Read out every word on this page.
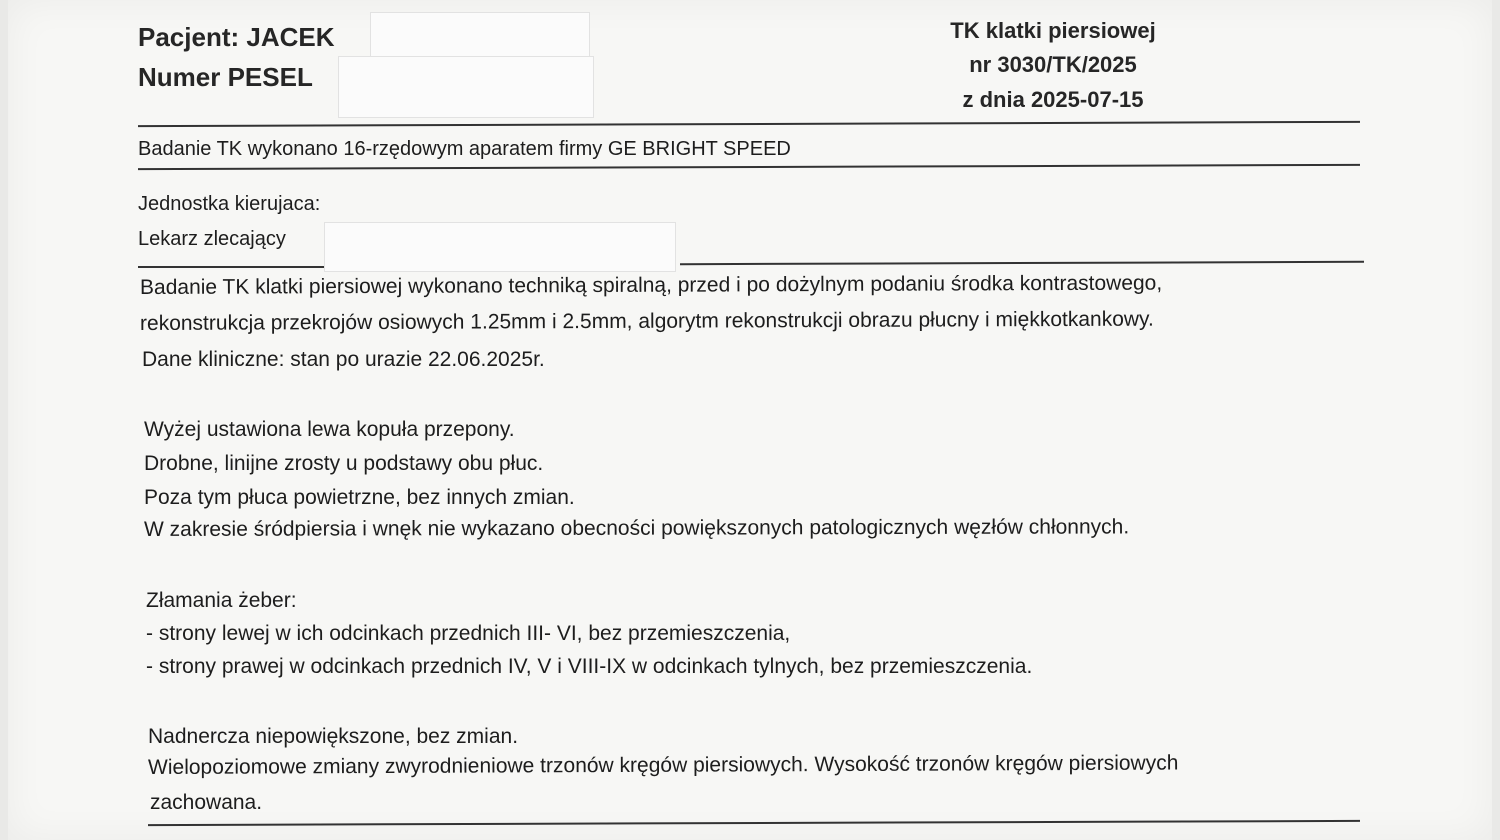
Pacjent: JACEK
Numer PESEL
TK klatki piersiowej
nr 3030/TK/2025
z dnia 2025-07-15
Badanie TK wykonano 16-rzędowym aparatem firmy GE BRIGHT SPEED
Jednostka kierujaca:
Lekarz zlecający
Badanie TK klatki piersiowej wykonano techniką spiralną, przed i po dożylnym podaniu środka kontrastowego,
rekonstrukcja przekrojów osiowych 1.25mm i 2.5mm, algorytm rekonstrukcji obrazu płucny i miękkotkankowy.
Dane kliniczne: stan po urazie 22.06.2025r.
Wyżej ustawiona lewa kopuła przepony.
Drobne, linijne zrosty u podstawy obu płuc.
Poza tym płuca powietrzne, bez innych zmian.
W zakresie śródpiersia i wnęk nie wykazano obecności powiększonych patologicznych węzłów chłonnych.
Złamania żeber:
- strony lewej w ich odcinkach przednich III- VI, bez przemieszczenia,
- strony prawej w odcinkach przednich IV, V i VIII-IX w odcinkach tylnych, bez przemieszczenia.
Nadnercza niepowiększone, bez zmian.
Wielopoziomowe zmiany zwyrodnieniowe trzonów kręgów piersiowych. Wysokość trzonów kręgów piersiowych
zachowana.
